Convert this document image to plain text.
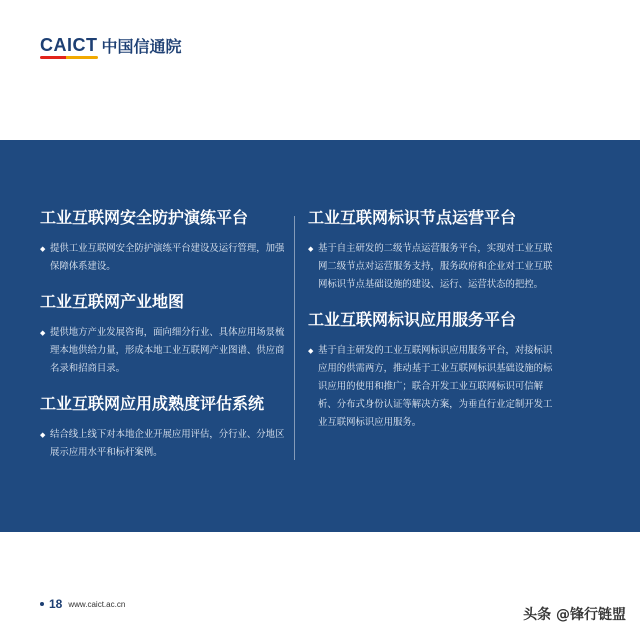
CAICT 中国信通院
工业互联网安全防护演练平台
◆ 提供工业互联网安全防护演练平台建设及运行管理，加强保障体系建设。
工业互联网产业地图
◆ 提供地方产业发展咨询，面向细分行业、具体应用场景梳理本地供给力量，形成本地工业互联网产业图谱、供应商名录和招商目录。
工业互联网应用成熟度评估系统
◆ 结合线上线下对本地企业开展应用评估，分行业、分地区展示应用水平和标杆案例。
工业互联网标识节点运营平台
◆ 基于自主研发的二级节点运营服务平台，实现对工业互联网二级节点对运营服务支持，服务政府和企业对工业互联网标识节点基础设施的建设、运行、运营状态的把控。
工业互联网标识应用服务平台
◆ 基于自主研发的工业互联网标识应用服务平台，对接标识应用的供需两方，推动基于工业互联网标识基础设施的标识应用的使用和推广；联合开发工业互联网标识可信解析、分布式身份认证等解决方案，为垂直行业定制开发工业互联网标识应用服务。
18 www.caict.ac.cn
头条 @锋行链盟
